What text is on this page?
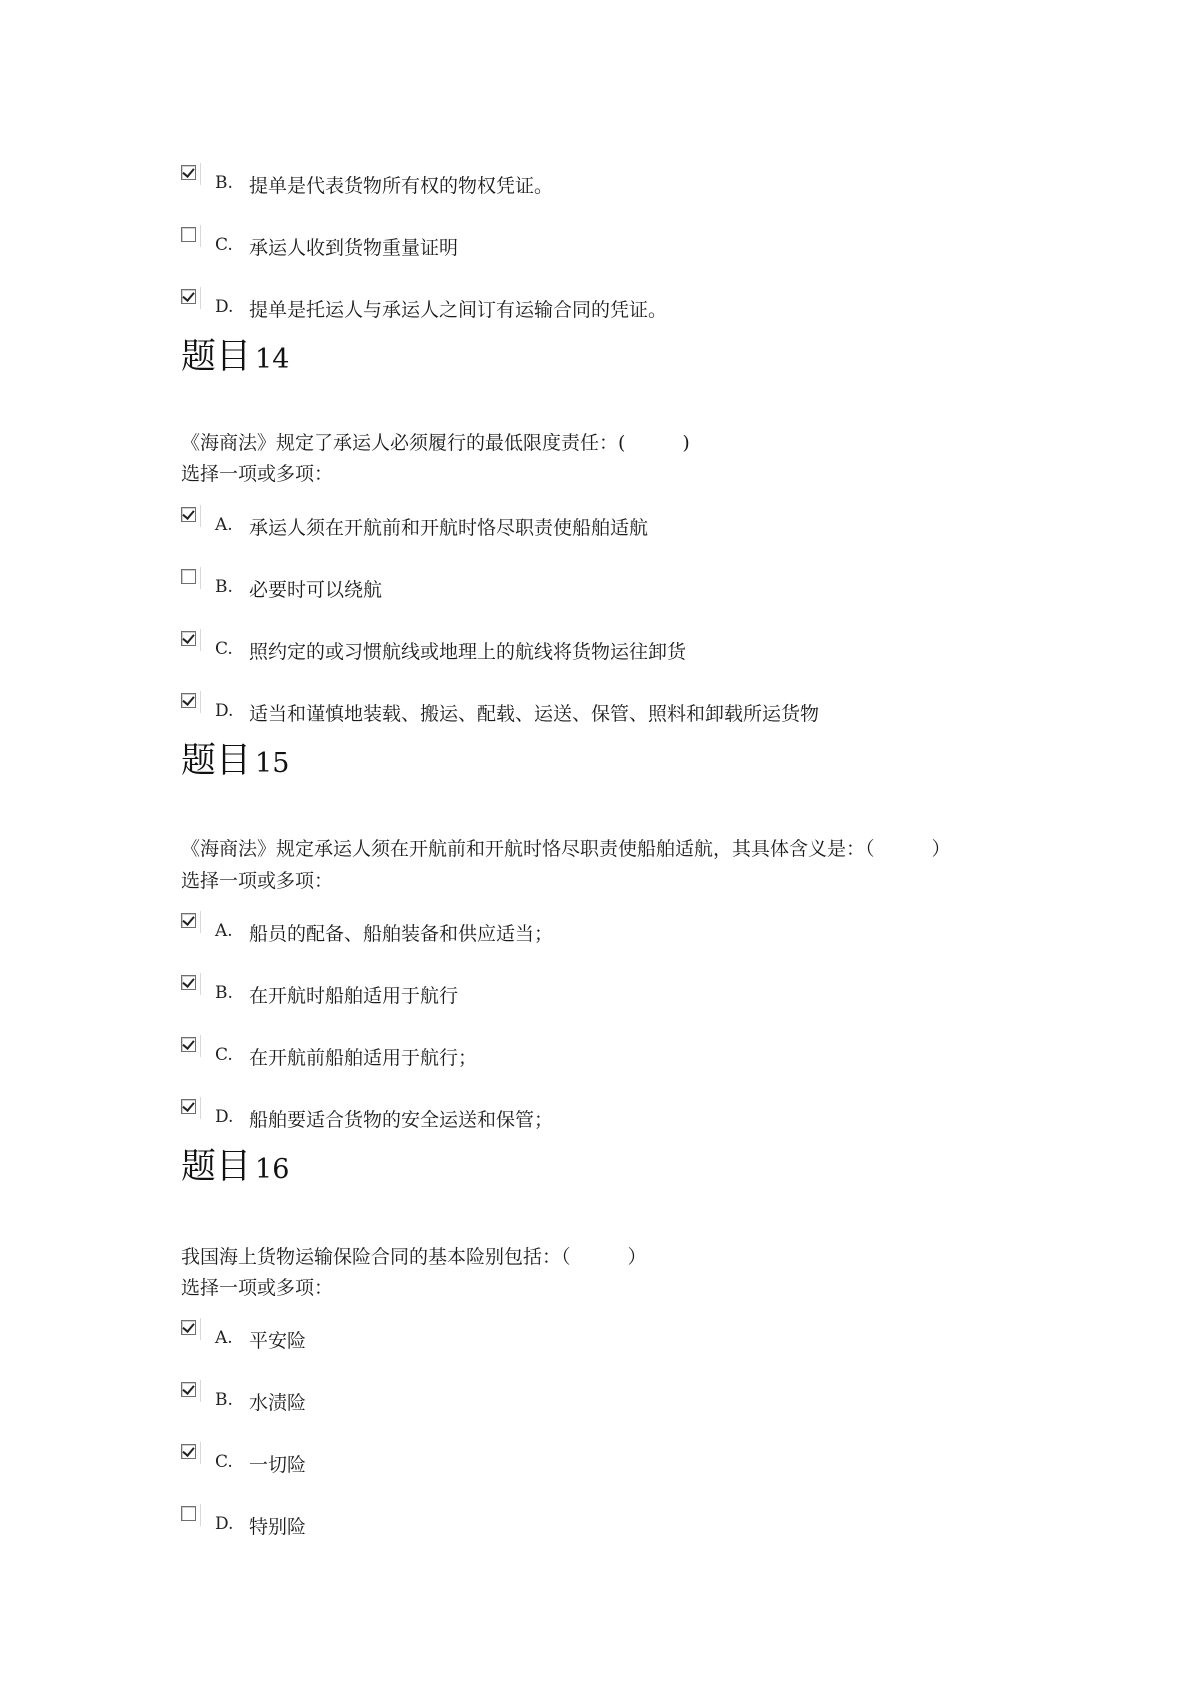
B. 提单是代表货物所有权的物权凭证。
C. 承运人收到货物重量证明
D. 提单是托运人与承运人之间订有运输合同的凭证。
题目 14
《海商法》规定了承运人必须履行的最低限度责任：(　　　)
选择一项或多项：
A. 承运人须在开航前和开航时恪尽职责使船舶适航
B. 必要时可以绕航
C. 照约定的或习惯航线或地理上的航线将货物运往卸货
D. 适当和谨慎地装载、搬运、配载、运送、保管、照料和卸载所运货物
题目 15
《海商法》规定承运人须在开航前和开航时恪尽职责使船舶适航，其具体含义是：（　　　）
选择一项或多项：
A. 船员的配备、船舶装备和供应适当；
B. 在开航时船舶适用于航行
C. 在开航前船舶适用于航行；
D. 船舶要适合货物的安全运送和保管；
题目 16
我国海上货物运输保险合同的基本险别包括：（　　　）
选择一项或多项：
A. 平安险
B. 水渍险
C. 一切险
D. 特别险
